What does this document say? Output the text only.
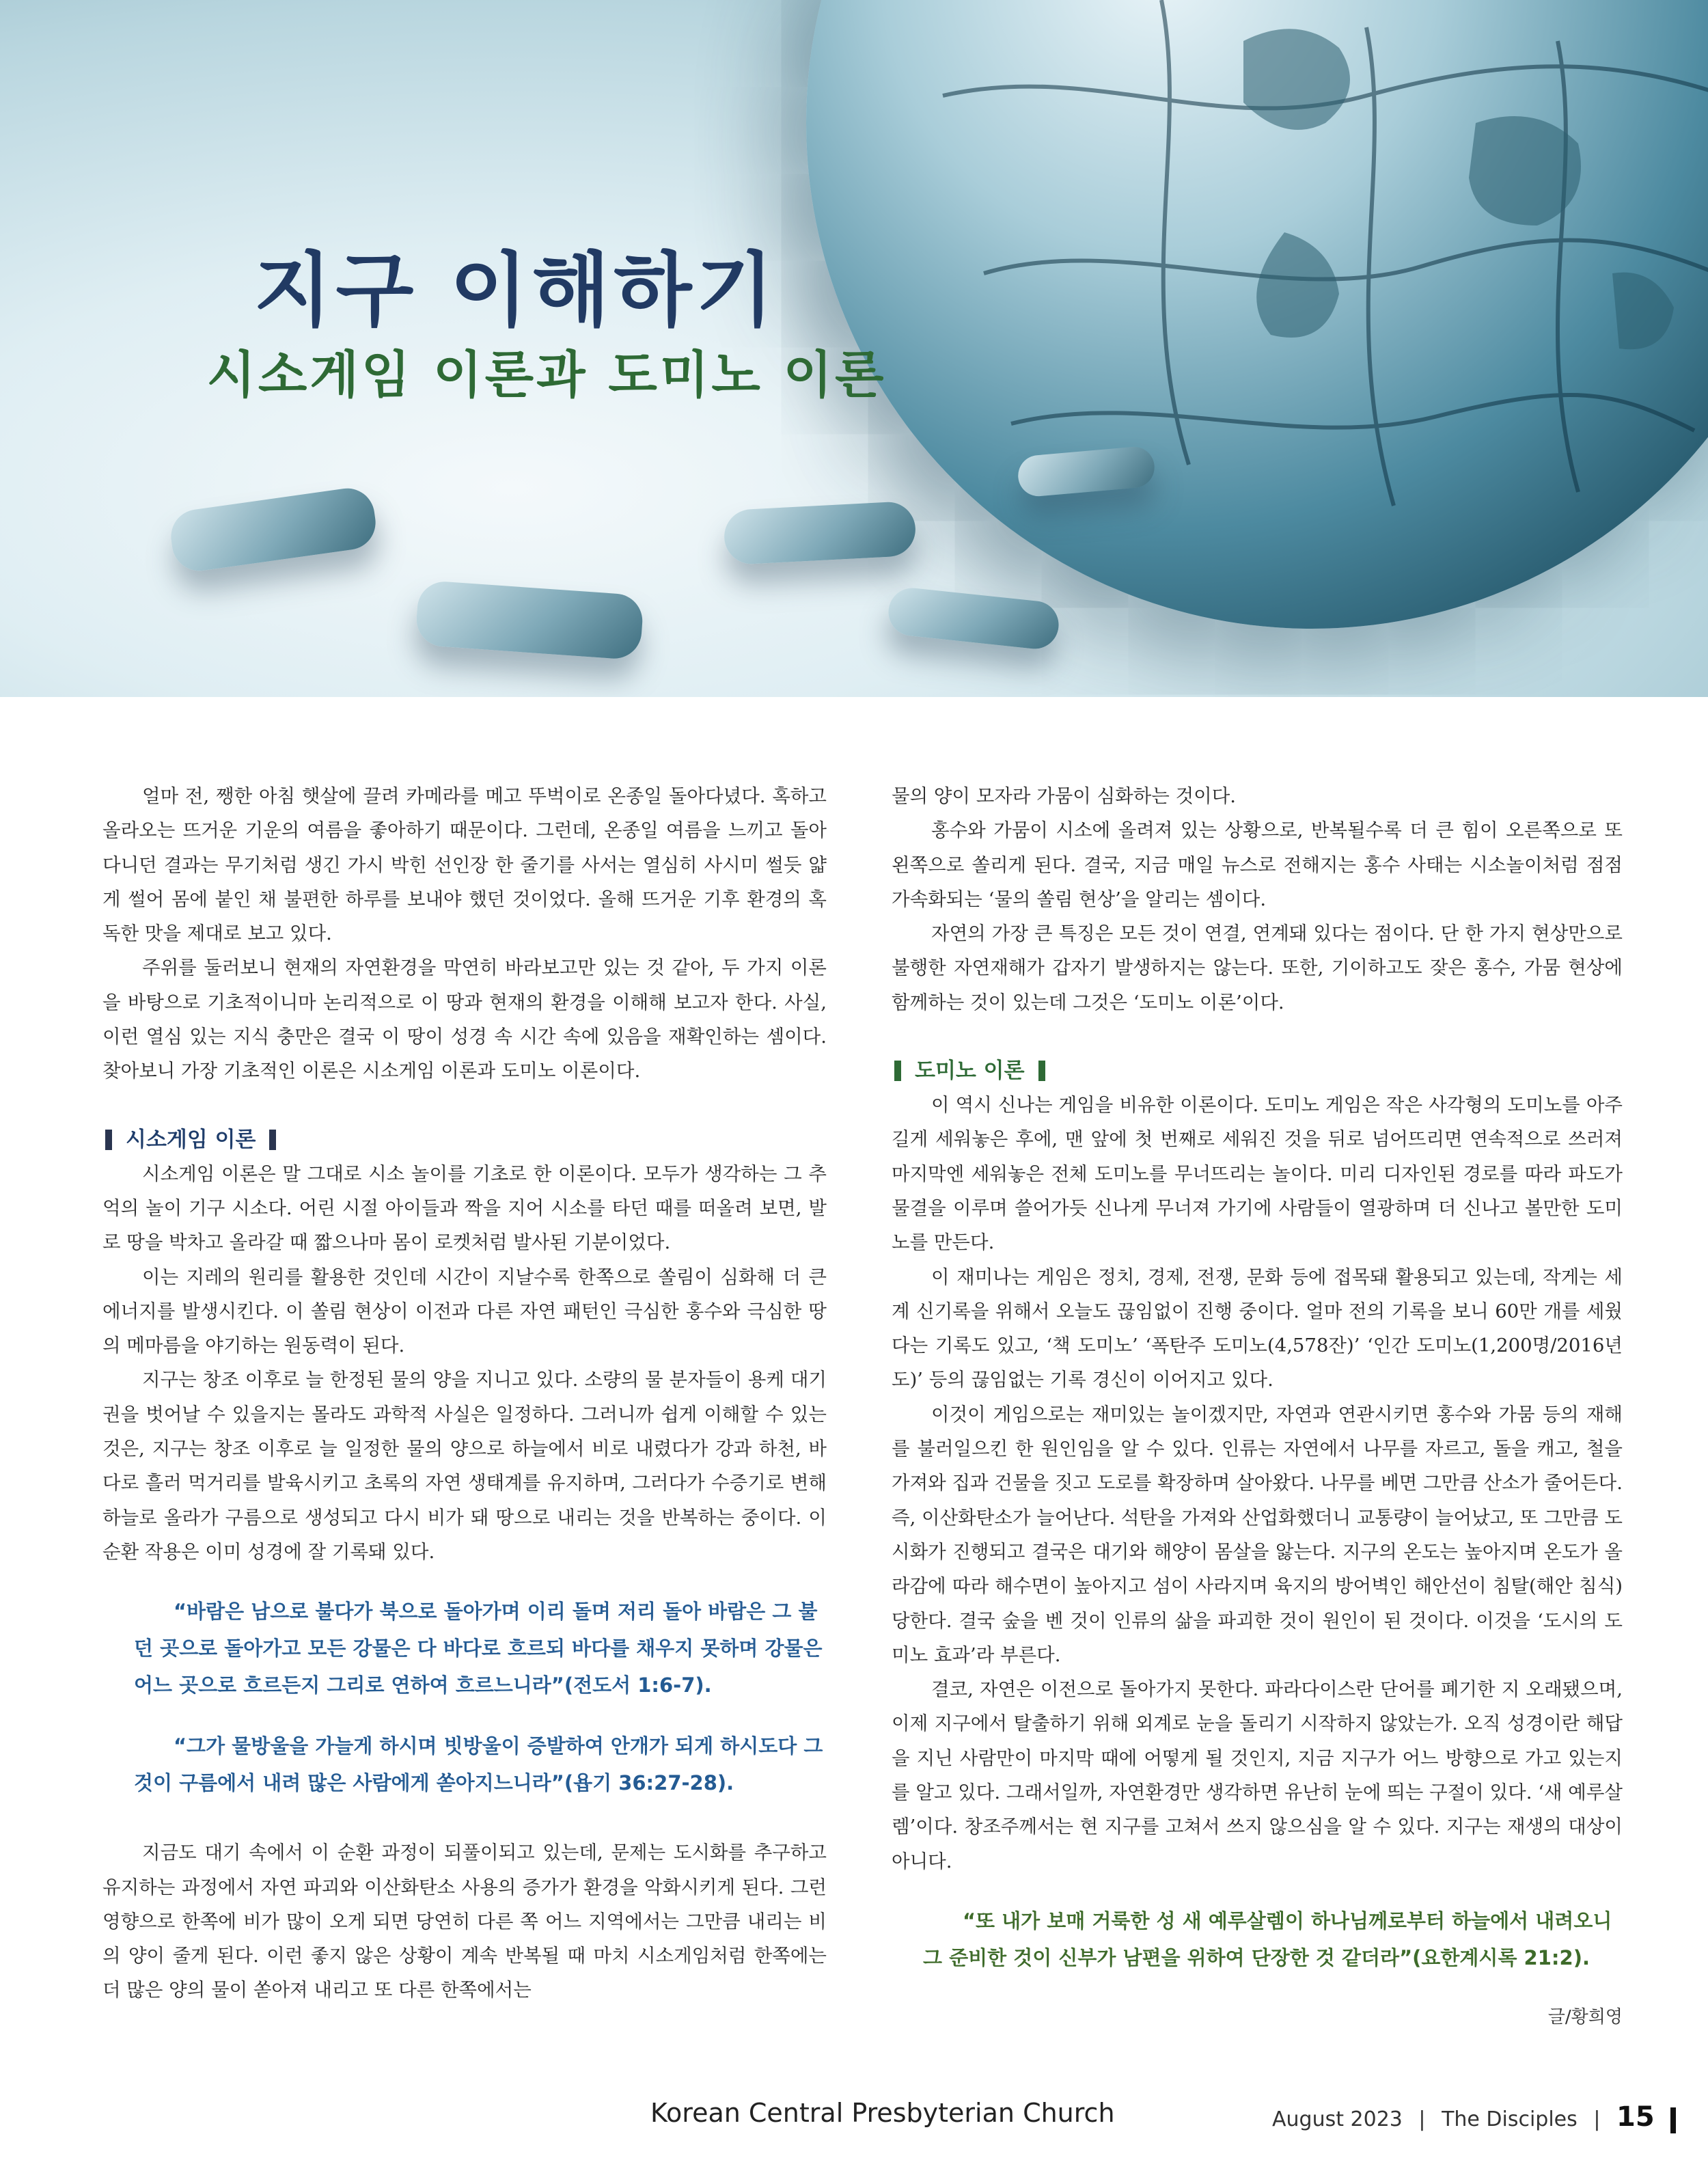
지구 이해하기
시소게임 이론과 도미노 이론

얼마 전, 쨍한 아침 햇살에 끌려 카메라를 메고 뚜벅이로 온종일 돌아다녔다. 혹하고 올라오는 뜨거운 기운의 여름을 좋아하기 때문이다. 그런데, 온종일 여름을 느끼고 돌아다니던 결과는 무기처럼 생긴 가시 박힌 선인장 한 줄기를 사서는 열심히 사시미 썰듯 얇게 썰어 몸에 붙인 채 불편한 하루를 보내야 했던 것이었다. 올해 뜨거운 기후 환경의 혹독한 맛을 제대로 보고 있다.

주위를 둘러보니 현재의 자연환경을 막연히 바라보고만 있는 것 같아, 두 가지 이론을 바탕으로 기초적이니마 논리적으로 이 땅과 현재의 환경을 이해해 보고자 한다. 사실, 이런 열심 있는 지식 충만은 결국 이 땅이 성경 속 시간 속에 있음을 재확인하는 셈이다. 찾아보니 가장 기초적인 이론은 시소게임 이론과 도미노 이론이다.

시소게임 이론

시소게임 이론은 말 그대로 시소 놀이를 기초로 한 이론이다. 모두가 생각하는 그 추억의 놀이 기구 시소다. 어린 시절 아이들과 짝을 지어 시소를 타던 때를 떠올려 보면, 발로 땅을 박차고 올라갈 때 짧으나마 몸이 로켓처럼 발사된 기분이었다.

이는 지레의 원리를 활용한 것인데 시간이 지날수록 한쪽으로 쏠림이 심화해 더 큰 에너지를 발생시킨다. 이 쏠림 현상이 이전과 다른 자연 패턴인 극심한 홍수와 극심한 땅의 메마름을 야기하는 원동력이 된다.

지구는 창조 이후로 늘 한정된 물의 양을 지니고 있다. 소량의 물 분자들이 용케 대기권을 벗어날 수 있을지는 몰라도 과학적 사실은 일정하다. 그러니까 쉽게 이해할 수 있는 것은, 지구는 창조 이후로 늘 일정한 물의 양으로 하늘에서 비로 내렸다가 강과 하천, 바다로 흘러 먹거리를 발육시키고 초록의 자연 생태계를 유지하며, 그러다가 수증기로 변해 하늘로 올라가 구름으로 생성되고 다시 비가 돼 땅으로 내리는 것을 반복하는 중이다. 이 순환 작용은 이미 성경에 잘 기록돼 있다.

“바람은 남으로 불다가 북으로 돌아가며 이리 돌며 저리 돌아 바람은 그 불던 곳으로 돌아가고 모든 강물은 다 바다로 흐르되 바다를 채우지 못하며 강물은 어느 곳으로 흐르든지 그리로 연하여 흐르느니라”(전도서 1:6-7).

“그가 물방울을 가늘게 하시며 빗방울이 증발하여 안개가 되게 하시도다 그것이 구름에서 내려 많은 사람에게 쏟아지느니라”(욥기 36:27-28).

지금도 대기 속에서 이 순환 과정이 되풀이되고 있는데, 문제는 도시화를 추구하고 유지하는 과정에서 자연 파괴와 이산화탄소 사용의 증가가 환경을 악화시키게 된다. 그런 영향으로 한쪽에 비가 많이 오게 되면 당연히 다른 쪽 어느 지역에서는 그만큼 내리는 비의 양이 줄게 된다. 이런 좋지 않은 상황이 계속 반복될 때 마치 시소게임처럼 한쪽에는 더 많은 양의 물이 쏟아져 내리고 또 다른 한쪽에서는

물의 양이 모자라 가뭄이 심화하는 것이다.

홍수와 가뭄이 시소에 올려져 있는 상황으로, 반복될수록 더 큰 힘이 오른쪽으로 또 왼쪽으로 쏠리게 된다. 결국, 지금 매일 뉴스로 전해지는 홍수 사태는 시소놀이처럼 점점 가속화되는 ‘물의 쏠림 현상’을 알리는 셈이다.

자연의 가장 큰 특징은 모든 것이 연결, 연계돼 있다는 점이다. 단 한 가지 현상만으로 불행한 자연재해가 갑자기 발생하지는 않는다. 또한, 기이하고도 잦은 홍수, 가뭄 현상에 함께하는 것이 있는데 그것은 ‘도미노 이론’이다.

도미노 이론

이 역시 신나는 게임을 비유한 이론이다. 도미노 게임은 작은 사각형의 도미노를 아주 길게 세워놓은 후에, 맨 앞에 첫 번째로 세워진 것을 뒤로 넘어뜨리면 연속적으로 쓰러져 마지막엔 세워놓은 전체 도미노를 무너뜨리는 놀이다. 미리 디자인된 경로를 따라 파도가 물결을 이루며 쓸어가듯 신나게 무너져 가기에 사람들이 열광하며 더 신나고 볼만한 도미노를 만든다.

이 재미나는 게임은 정치, 경제, 전쟁, 문화 등에 접목돼 활용되고 있는데, 작게는 세계 신기록을 위해서 오늘도 끊임없이 진행 중이다. 얼마 전의 기록을 보니 60만 개를 세웠다는 기록도 있고, ‘책 도미노’ ‘폭탄주 도미노(4,578잔)’ ‘인간 도미노(1,200명/2016년도)’ 등의 끊임없는 기록 경신이 이어지고 있다.

이것이 게임으로는 재미있는 놀이겠지만, 자연과 연관시키면 홍수와 가뭄 등의 재해를 불러일으킨 한 원인임을 알 수 있다. 인류는 자연에서 나무를 자르고, 돌을 캐고, 철을 가져와 집과 건물을 짓고 도로를 확장하며 살아왔다. 나무를 베면 그만큼 산소가 줄어든다. 즉, 이산화탄소가 늘어난다. 석탄을 가져와 산업화했더니 교통량이 늘어났고, 또 그만큼 도시화가 진행되고 결국은 대기와 해양이 몸살을 앓는다. 지구의 온도는 높아지며 온도가 올라감에 따라 해수면이 높아지고 섬이 사라지며 육지의 방어벽인 해안선이 침탈(해안 침식)당한다. 결국 숲을 벤 것이 인류의 삶을 파괴한 것이 원인이 된 것이다. 이것을 ‘도시의 도미노 효과’라 부른다.

결코, 자연은 이전으로 돌아가지 못한다. 파라다이스란 단어를 폐기한 지 오래됐으며, 이제 지구에서 탈출하기 위해 외계로 눈을 돌리기 시작하지 않았는가. 오직 성경이란 해답을 지닌 사람만이 마지막 때에 어떻게 될 것인지, 지금 지구가 어느 방향으로 가고 있는지를 알고 있다. 그래서일까, 자연환경만 생각하면 유난히 눈에 띄는 구절이 있다. ‘새 예루살렘’이다. 창조주께서는 현 지구를 고쳐서 쓰지 않으심을 알 수 있다. 지구는 재생의 대상이 아니다.

“또 내가 보매 거룩한 성 새 예루살렘이 하나님께로부터 하늘에서 내려오니 그 준비한 것이 신부가 남편을 위하여 단장한 것 같더라”(요한계시록 21:2).

글/황희영

Korean Central Presbyterian Church	August 2023 | The Disciples | 15
